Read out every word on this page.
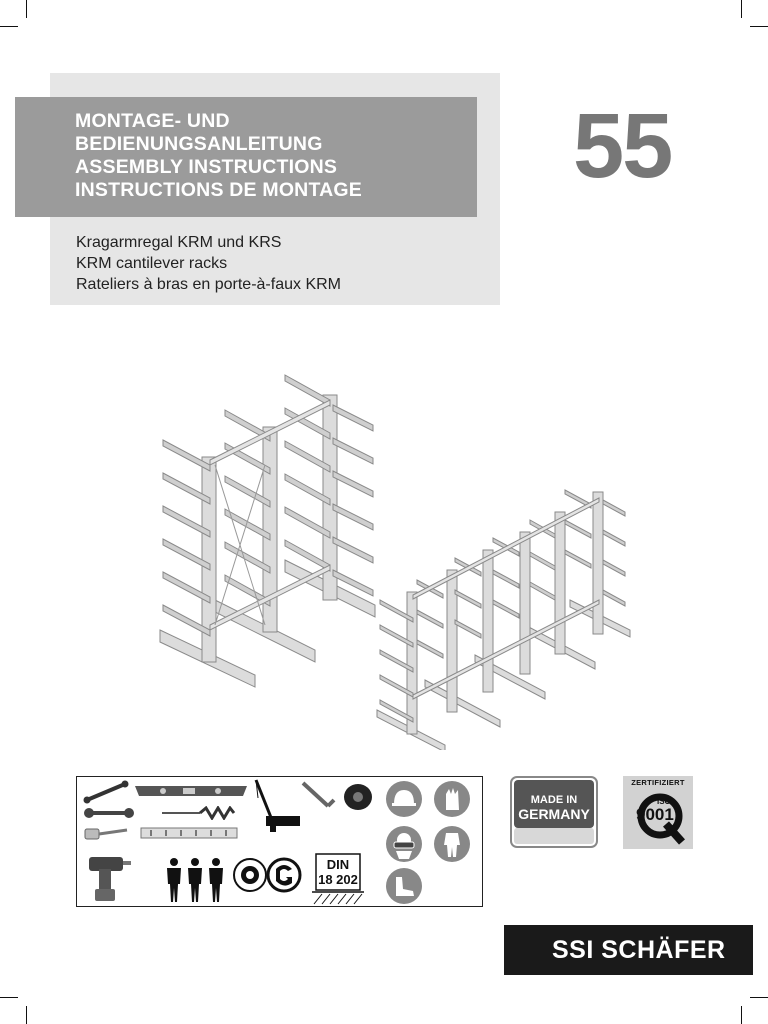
MONTAGE- UND
BEDIENUNGSANLEITUNG
ASSEMBLY INSTRUCTIONS
INSTRUCTIONS DE MONTAGE
Kragarmregal KRM und KRS
KRM cantilever racks
Rateliers à bras en porte-à-faux KRM
55
DIN
18 202
MADE IN
GERMANY
ZERTIFIZIERT
ISO
9001
SSI SCHÄFER
